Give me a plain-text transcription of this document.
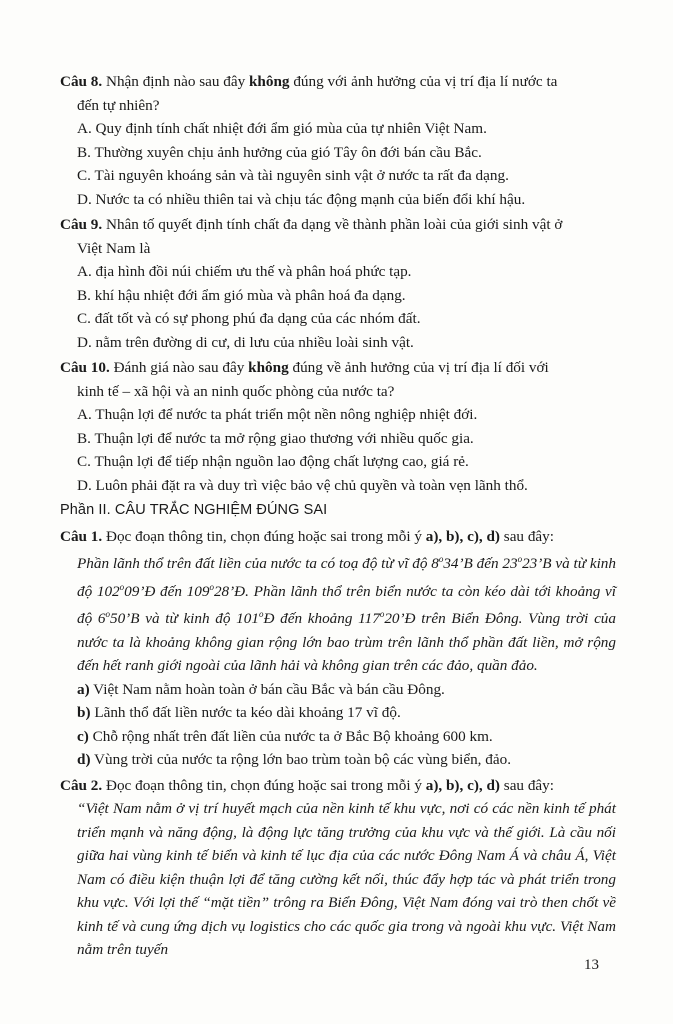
Câu 8. Nhận định nào sau đây không đúng với ảnh hưởng của vị trí địa lí nước ta
đến tự nhiên?
A. Quy định tính chất nhiệt đới ẩm gió mùa của tự nhiên Việt Nam.
B. Thường xuyên chịu ảnh hưởng của gió Tây ôn đới bán cầu Bắc.
C. Tài nguyên khoáng sản và tài nguyên sinh vật ở nước ta rất đa dạng.
D. Nước ta có nhiều thiên tai và chịu tác động mạnh của biến đổi khí hậu.
Câu 9. Nhân tố quyết định tính chất đa dạng về thành phần loài của giới sinh vật ở
Việt Nam là
A. địa hình đồi núi chiếm ưu thế và phân hoá phức tạp.
B. khí hậu nhiệt đới ẩm gió mùa và phân hoá đa dạng.
C. đất tốt và có sự phong phú đa dạng của các nhóm đất.
D. nằm trên đường di cư, di lưu của nhiều loài sinh vật.
Câu 10. Đánh giá nào sau đây không đúng về ảnh hưởng của vị trí địa lí đối với
kinh tế – xã hội và an ninh quốc phòng của nước ta?
A. Thuận lợi để nước ta phát triển một nền nông nghiệp nhiệt đới.
B. Thuận lợi để nước ta mở rộng giao thương với nhiều quốc gia.
C. Thuận lợi để tiếp nhận nguồn lao động chất lượng cao, giá rẻ.
D. Luôn phải đặt ra và duy trì việc bảo vệ chủ quyền và toàn vẹn lãnh thổ.
Phần II. CÂU TRẮC NGHIỆM ĐÚNG SAI
Câu 1. Đọc đoạn thông tin, chọn đúng hoặc sai trong mỗi ý a), b), c), d) sau đây:
Phần lãnh thổ trên đất liền của nước ta có toạ độ từ vĩ độ 8$^o$34’B đến 23$^o$23’B và từ kinh độ 102$^o$09’Đ đến 109$^o$28’Đ. Phần lãnh thổ trên biển nước ta còn kéo dài tới khoảng vĩ độ 6$^o$50’B và từ kinh độ 101$^o$Đ đến khoảng 117$^o$20’Đ trên Biển Đông. Vùng trời của nước ta là khoảng không gian rộng lớn bao trùm trên lãnh thổ phần đất liền, mở rộng đến hết ranh giới ngoài của lãnh hải và không gian trên các đảo, quần đảo.
a) Việt Nam nằm hoàn toàn ở bán cầu Bắc và bán cầu Đông.
b) Lãnh thổ đất liền nước ta kéo dài khoảng 17 vĩ độ.
c) Chỗ rộng nhất trên đất liền của nước ta ở Bắc Bộ khoảng 600 km.
d) Vùng trời của nước ta rộng lớn bao trùm toàn bộ các vùng biển, đảo.
Câu 2. Đọc đoạn thông tin, chọn đúng hoặc sai trong mỗi ý a), b), c), d) sau đây:
“Việt Nam nằm ở vị trí huyết mạch của nền kinh tế khu vực, nơi có các nền kinh tế phát triển mạnh và năng động, là động lực tăng trưởng của khu vực và thế giới. Là cầu nối giữa hai vùng kinh tế biển và kinh tế lục địa của các nước Đông Nam Á và châu Á, Việt Nam có điều kiện thuận lợi để tăng cường kết nối, thúc đẩy hợp tác và phát triển trong khu vực. Với lợi thế “mặt tiền” trông ra Biển Đông, Việt Nam đóng vai trò then chốt về kinh tế và cung ứng dịch vụ logistics cho các quốc gia trong và ngoài khu vực. Việt Nam nằm trên tuyến
13
